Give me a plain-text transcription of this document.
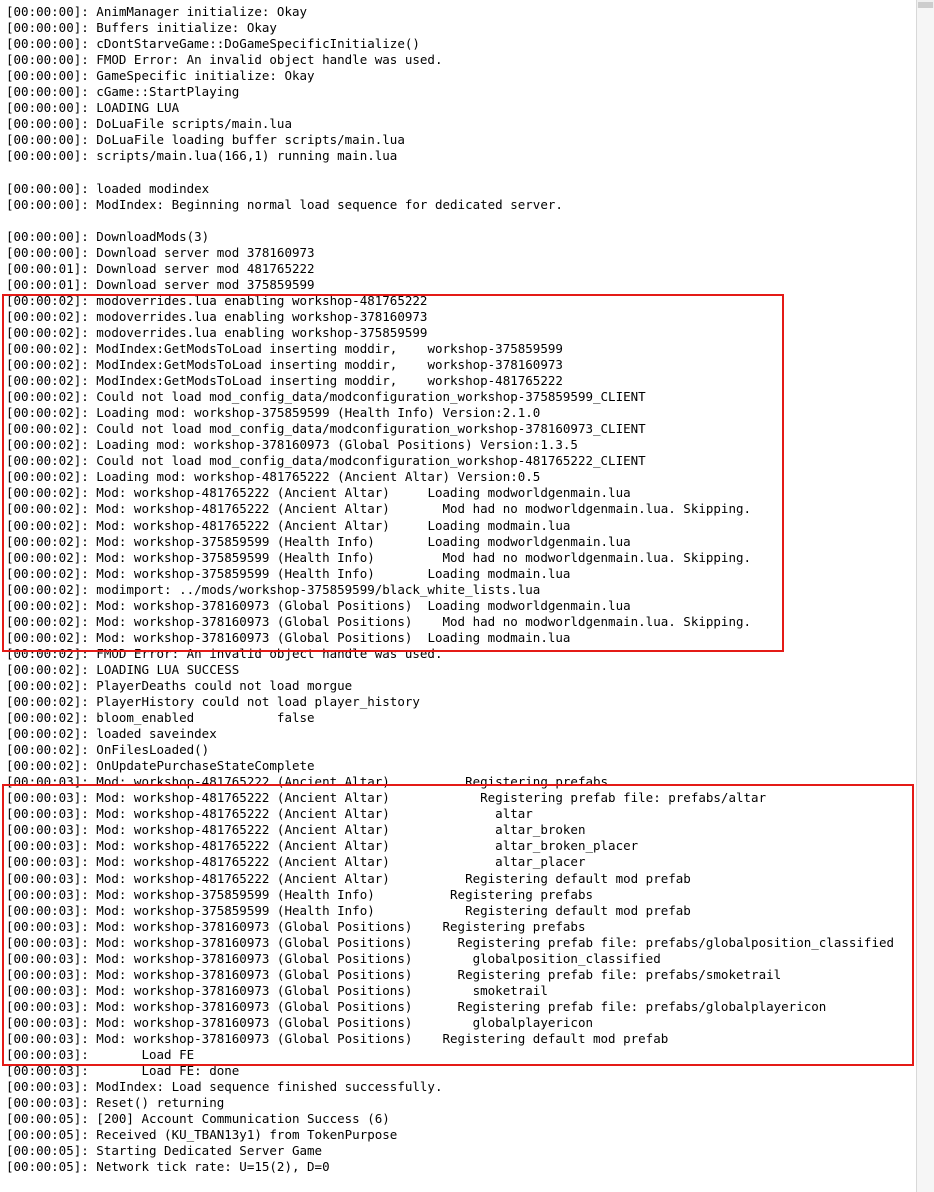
[00:00:00]: AnimManager initialize: Okay
[00:00:00]: Buffers initialize: Okay
[00:00:00]: cDontStarveGame::DoGameSpecificInitialize()
[00:00:00]: FMOD Error: An invalid object handle was used.
[00:00:00]: GameSpecific initialize: Okay
[00:00:00]: cGame::StartPlaying
[00:00:00]: LOADING LUA
[00:00:00]: DoLuaFile scripts/main.lua
[00:00:00]: DoLuaFile loading buffer scripts/main.lua
[00:00:00]: scripts/main.lua(166,1) running main.lua
[00:00:00]: loaded modindex
[00:00:00]: ModIndex: Beginning normal load sequence for dedicated server.
[00:00:00]: DownloadMods(3)
[00:00:00]: Download server mod 378160973
[00:00:01]: Download server mod 481765222
[00:00:01]: Download server mod 375859599
[00:00:02]: modoverrides.lua enabling workshop-481765222
[00:00:02]: modoverrides.lua enabling workshop-378160973
[00:00:02]: modoverrides.lua enabling workshop-375859599
[00:00:02]: ModIndex:GetModsToLoad inserting moddir,	workshop-375859599
[00:00:02]: ModIndex:GetModsToLoad inserting moddir,	workshop-378160973
[00:00:02]: ModIndex:GetModsToLoad inserting moddir,	workshop-481765222
[00:00:02]: Could not load mod_config_data/modconfiguration_workshop-375859599_CLIENT
[00:00:02]: Loading mod: workshop-375859599 (Health Info) Version:2.1.0
[00:00:02]: Could not load mod_config_data/modconfiguration_workshop-378160973_CLIENT
[00:00:02]: Loading mod: workshop-378160973 (Global Positions) Version:1.3.5
[00:00:02]: Could not load mod_config_data/modconfiguration_workshop-481765222_CLIENT
[00:00:02]: Loading mod: workshop-481765222 (Ancient Altar) Version:0.5
[00:00:02]: Mod: workshop-481765222 (Ancient Altar)	Loading modworldgenmain.lua
[00:00:02]: Mod: workshop-481765222 (Ancient Altar)	Mod had no modworldgenmain.lua. Skipping.
[00:00:02]: Mod: workshop-481765222 (Ancient Altar)	Loading modmain.lua
[00:00:02]: Mod: workshop-375859599 (Health Info)	Loading modworldgenmain.lua
[00:00:02]: Mod: workshop-375859599 (Health Info)	Mod had no modworldgenmain.lua. Skipping.
[00:00:02]: Mod: workshop-375859599 (Health Info)	Loading modmain.lua
[00:00:02]: modimport: ../mods/workshop-375859599/black_white_lists.lua
[00:00:02]: Mod: workshop-378160973 (Global Positions)	Loading modworldgenmain.lua
[00:00:02]: Mod: workshop-378160973 (Global Positions)	Mod had no modworldgenmain.lua. Skipping.
[00:00:02]: Mod: workshop-378160973 (Global Positions)	Loading modmain.lua
[00:00:02]: FMOD Error: An invalid object handle was used.
[00:00:02]: LOADING LUA SUCCESS
[00:00:02]: PlayerDeaths could not load morgue
[00:00:02]: PlayerHistory could not load player_history
[00:00:02]: bloom_enabled	false
[00:00:02]: loaded saveindex
[00:00:02]: OnFilesLoaded()
[00:00:02]: OnUpdatePurchaseStateComplete
[00:00:03]: Mod: workshop-481765222 (Ancient Altar)	Registering prefabs
[00:00:03]: Mod: workshop-481765222 (Ancient Altar)	Registering prefab file: prefabs/altar
[00:00:03]: Mod: workshop-481765222 (Ancient Altar)	altar
[00:00:03]: Mod: workshop-481765222 (Ancient Altar)	altar_broken
[00:00:03]: Mod: workshop-481765222 (Ancient Altar)	altar_broken_placer
[00:00:03]: Mod: workshop-481765222 (Ancient Altar)	altar_placer
[00:00:03]: Mod: workshop-481765222 (Ancient Altar)	Registering default mod prefab
[00:00:03]: Mod: workshop-375859599 (Health Info)	Registering prefabs
[00:00:03]: Mod: workshop-375859599 (Health Info)	Registering default mod prefab
[00:00:03]: Mod: workshop-378160973 (Global Positions)	Registering prefabs
[00:00:03]: Mod: workshop-378160973 (Global Positions)	Registering prefab file: prefabs/globalposition_classified
[00:00:03]: Mod: workshop-378160973 (Global Positions)	globalposition_classified
[00:00:03]: Mod: workshop-378160973 (Global Positions)	Registering prefab file: prefabs/smoketrail
[00:00:03]: Mod: workshop-378160973 (Global Positions)	smoketrail
[00:00:03]: Mod: workshop-378160973 (Global Positions)	Registering prefab file: prefabs/globalplayericon
[00:00:03]: Mod: workshop-378160973 (Global Positions)	globalplayericon
[00:00:03]: Mod: workshop-378160973 (Global Positions)	Registering default mod prefab
[00:00:03]:	Load FE
[00:00:03]:	Load FE: done
[00:00:03]: ModIndex: Load sequence finished successfully.
[00:00:03]: Reset() returning
[00:00:05]: [200] Account Communication Success (6)
[00:00:05]: Received (KU_TBAN13y1) from TokenPurpose
[00:00:05]: Starting Dedicated Server Game
[00:00:05]: Network tick rate: U=15(2), D=0
